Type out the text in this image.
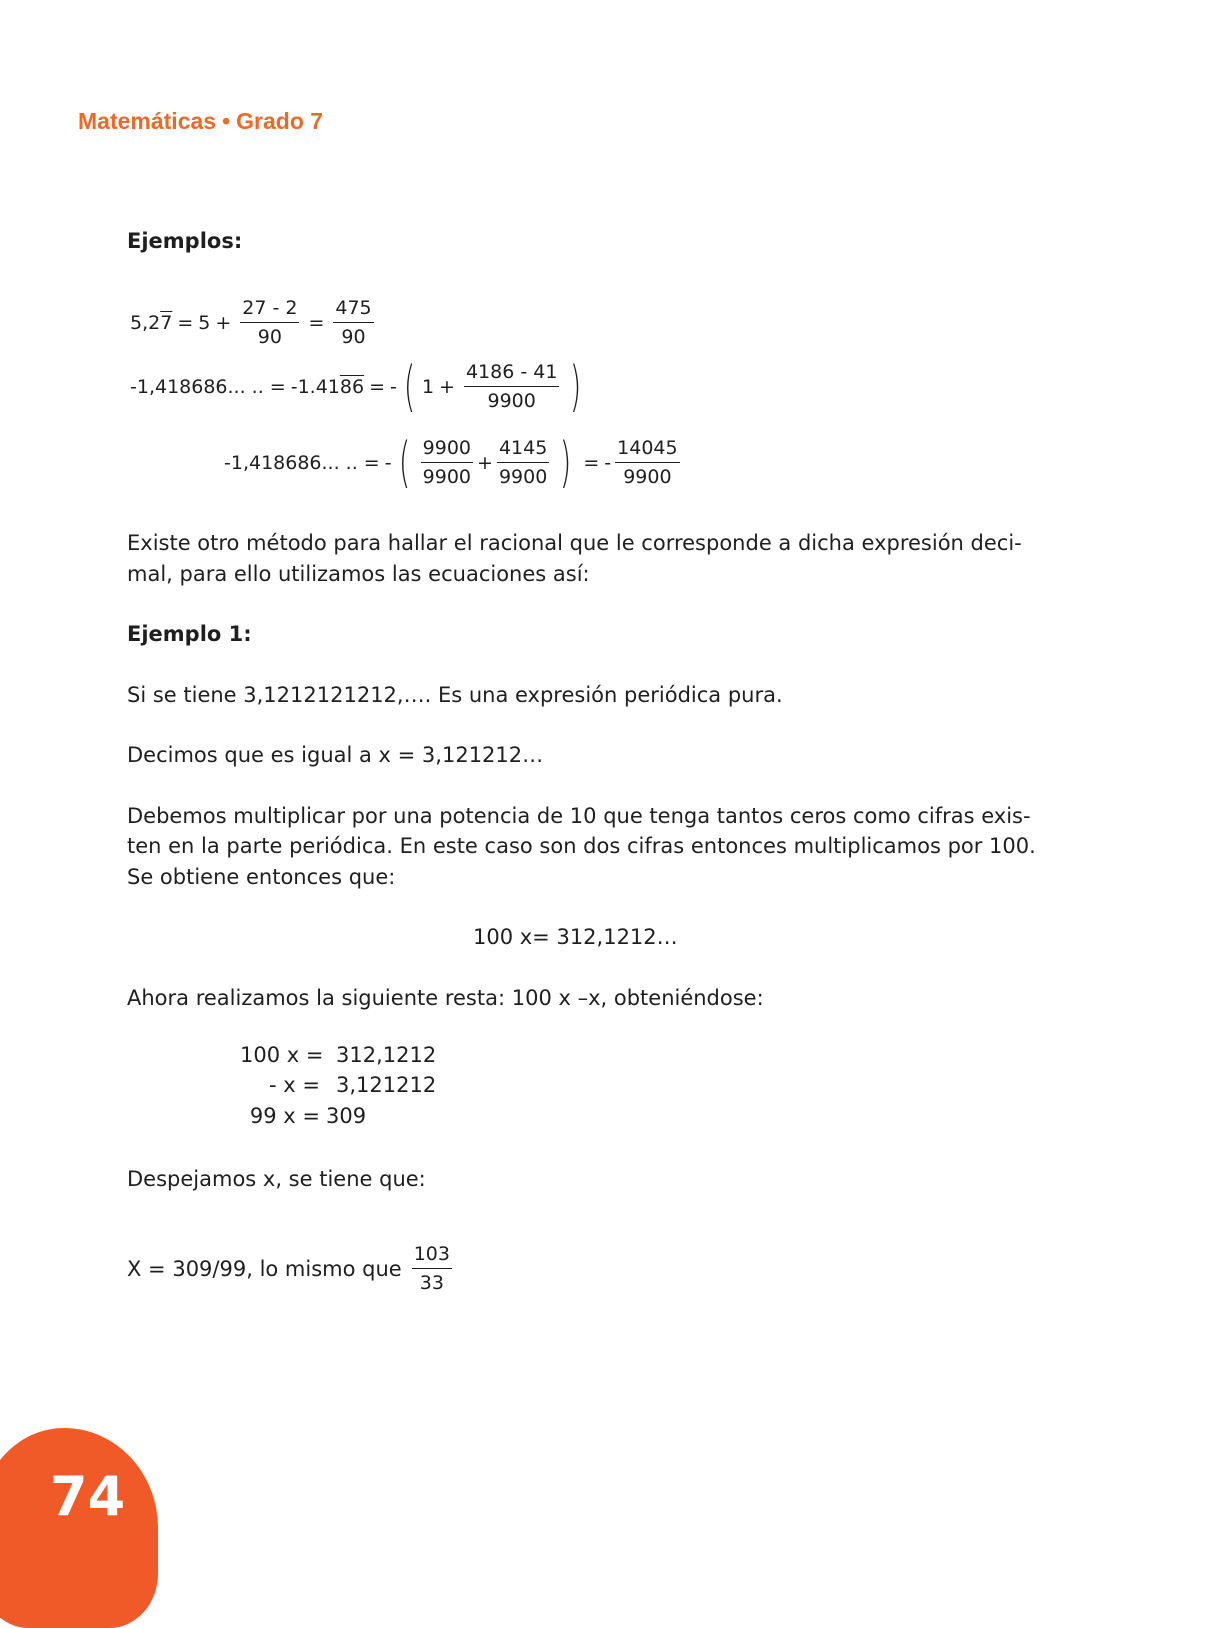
Matemáticas • Grado 7
Ejemplos:
5,2 $7 = 5 + \frac{27 - 2}{90} = \frac{475}{90}$
-1,418686... .. = -1.41 86 = - ( $1 + \frac{4186 - 41}{9900}$ )
-1,418686... .. = - ( $\frac{9900}{9900} + \frac{4145}{9900}$ ) = - $\frac{14045}{9900}$
Existe otro método para hallar el racional que le corresponde a dicha expresión deci-
mal, para ello utilizamos las ecuaciones así:
Ejemplo 1:
Si se tiene 3,1212121212,…. Es una expresión periódica pura.
Decimos que es igual a x = 3,121212…
Debemos multiplicar por una potencia de 10 que tenga tantos ceros como cifras exis-
ten en la parte periódica. En este caso son dos cifras entonces multiplicamos por 100.
Se obtiene entonces que:
100 x= 312,1212…
Ahora realizamos la siguiente resta: 100 x –x, obteniéndose:
100 x = 312,1212
- x = 3,121212
99 x = 309
Despejamos x, se tiene que:
X = 309/99, lo mismo que $\frac{103}{33}$
74
